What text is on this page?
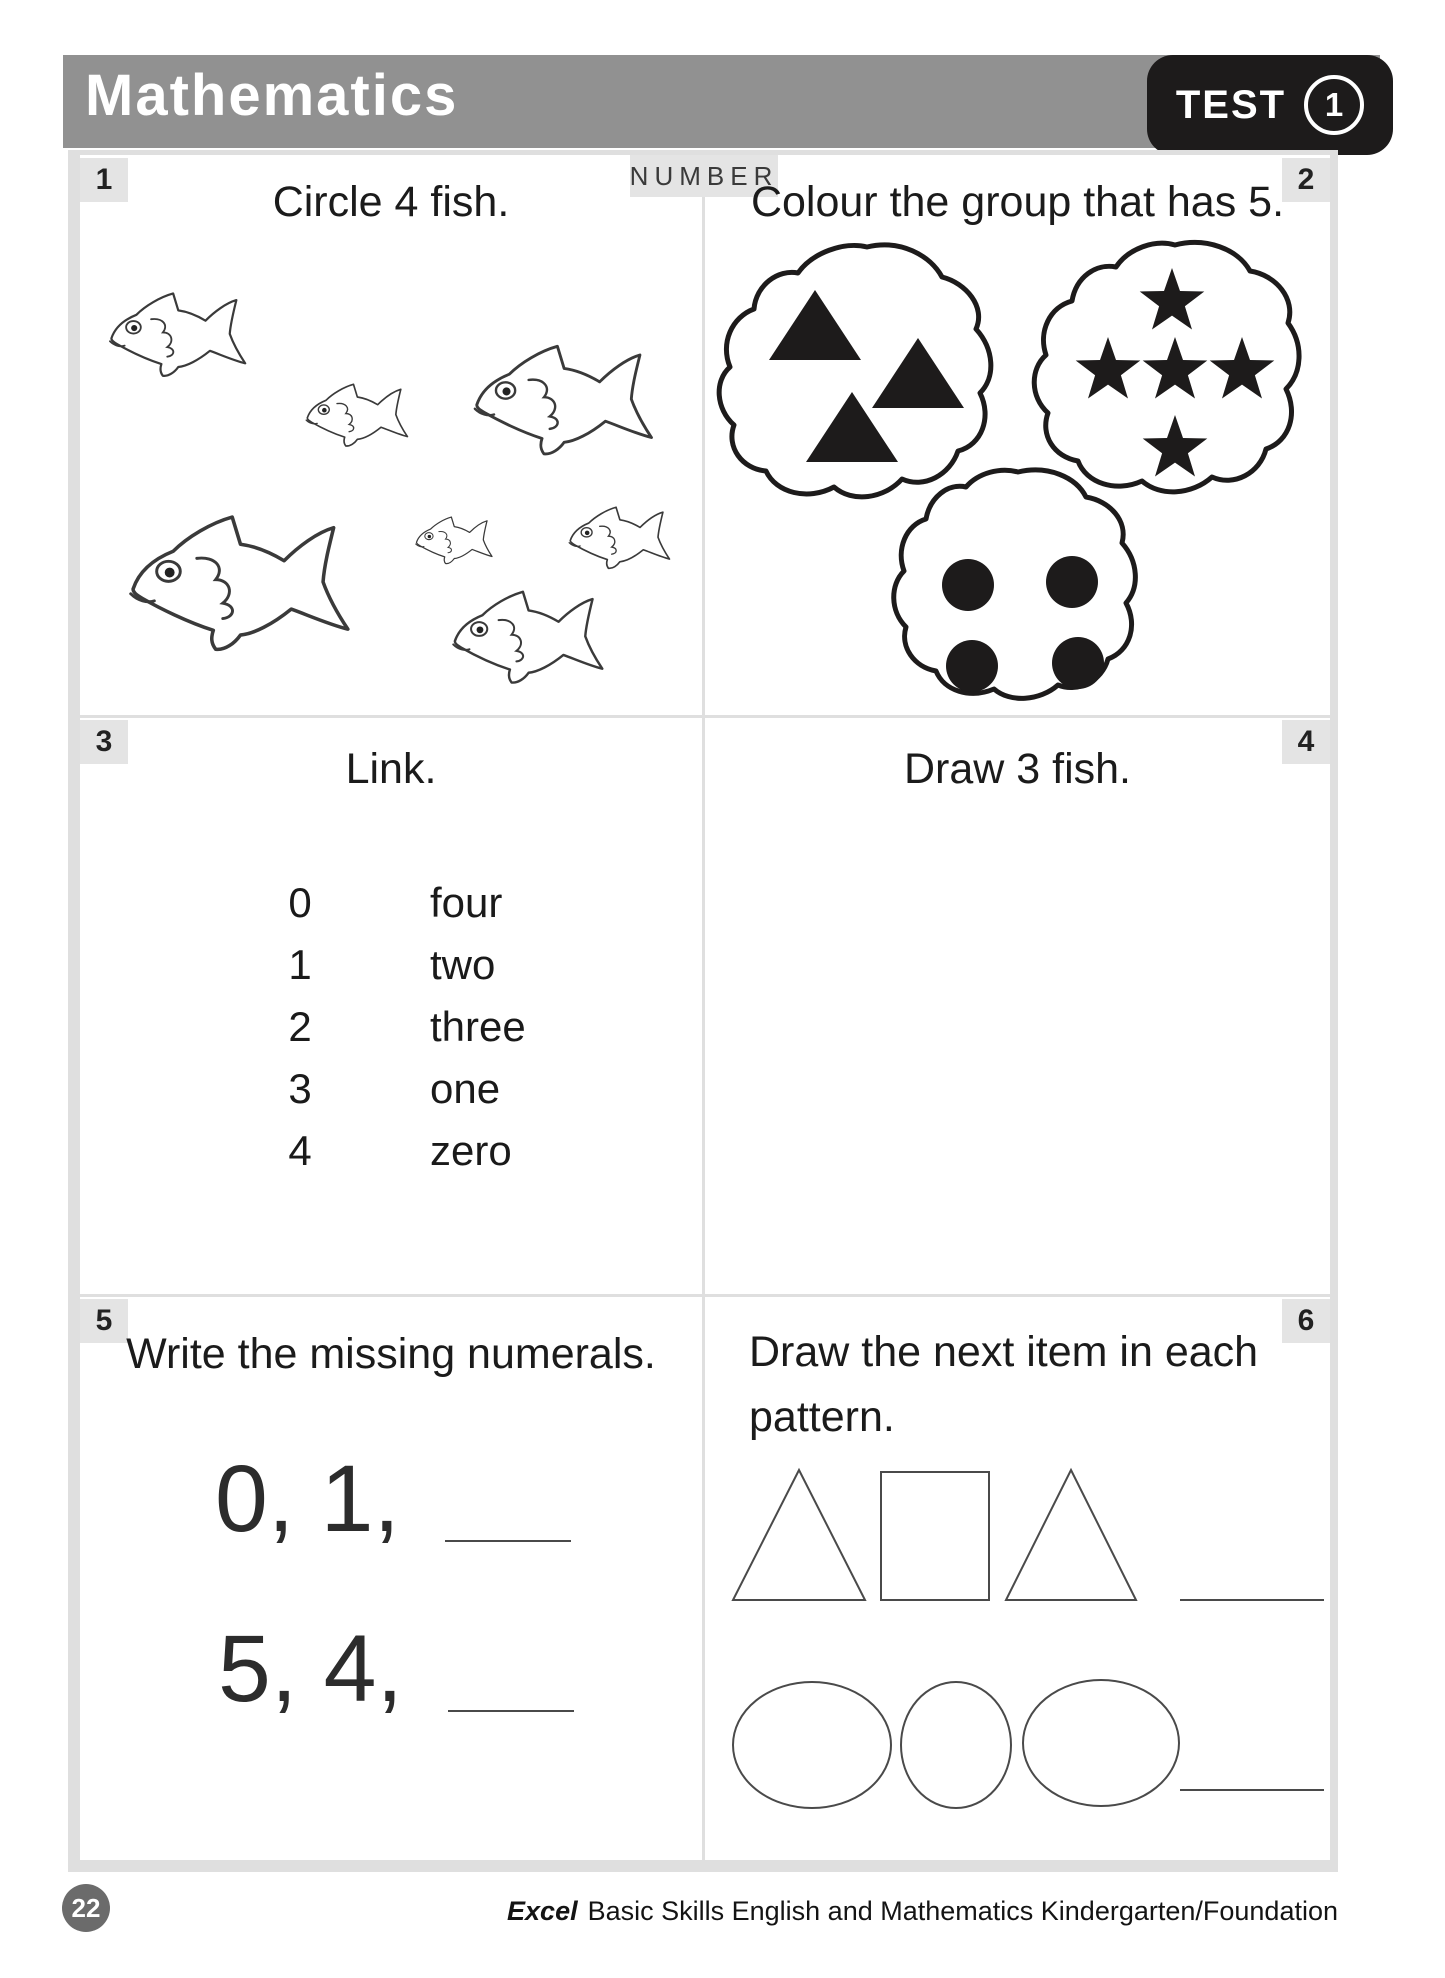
Mathematics	TEST	1
1	2
3	4
5	6
NUMBER
Circle 4 fish.	Colour the group that has 5.
Link.
0	four
1	two
2	three
3	one
4	zero
Draw 3 fish.
Write the missing numerals.
0, 1,
5, 4,
Draw the next item in each pattern.
22	Excel Basic Skills English and Mathematics Kindergarten/Foundation
